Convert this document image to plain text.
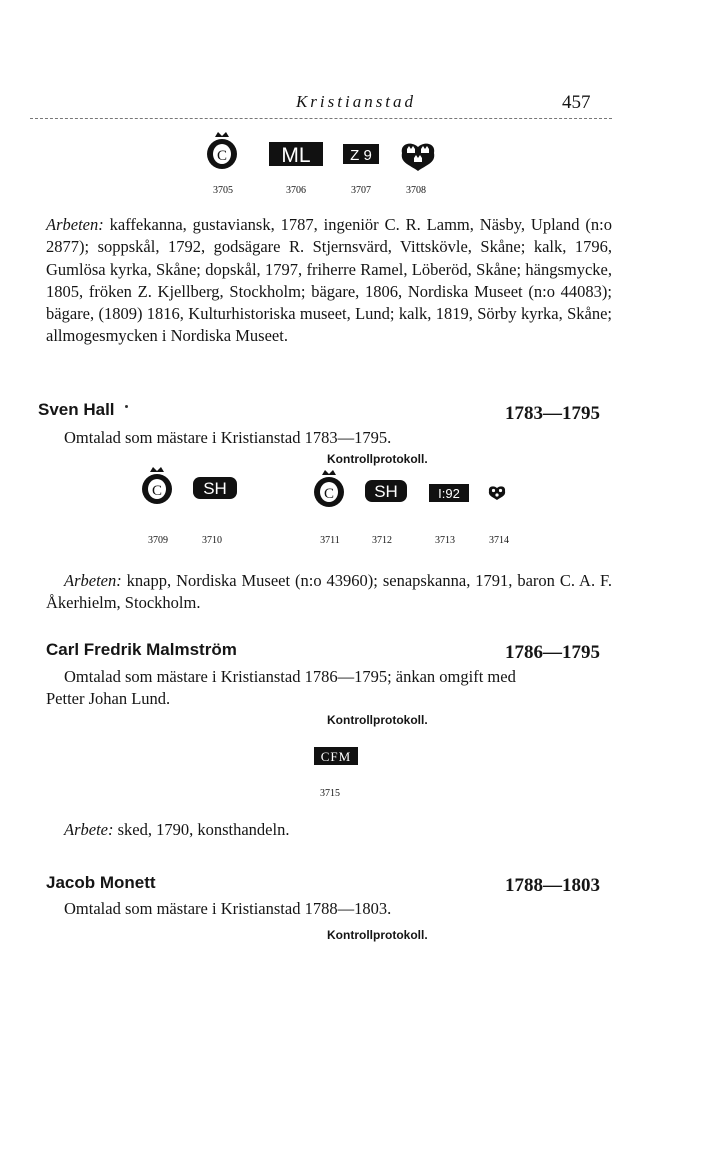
Kristianstad	457
C
3705
ML
3706
Z 9
3707	3708
Arbeten: kaffekanna, gustaviansk, 1787, ingeniör C. R. Lamm, Näsby, Upland (n:o 2877); soppskål, 1792, godsägare R. Stjernsvärd, Vittskövle, Skåne; kalk, 1796, Gumlösa kyrka, Skåne; dopskål, 1797, friherre Ramel, Löberöd, Skåne; hängsmycke, 1805, fröken Z. Kjellberg, Stockholm; bägare, 1806, Nordiska Museet (n:o 44083); bägare, (1809) 1816, Kulturhistoriska museet, Lund; kalk, 1819, Sörby kyrka, Skåne; allmogesmycken i Nordiska Museet.
Sven Hall	1783—1795
Omtalad som mästare i Kristianstad 1783—1795.
Kontrollprotokoll.
C
3709
SH
3710
C
3711
SH
3712
I:92
3713	3714
Arbeten: knapp, Nordiska Museet (n:o 43960); senapskanna, 1791, baron C. A. F. Åkerhielm, Stockholm.
Carl Fredrik Malmström	1786—1795
Omtalad som mästare i Kristianstad 1786—1795; änkan omgift med
Petter Johan Lund.
Kontrollprotokoll.
CFM
3715
Arbete: sked, 1790, konsthandeln.
Jacob Monett	1788—1803
Omtalad som mästare i Kristianstad 1788—1803.
Kontrollprotokoll.
